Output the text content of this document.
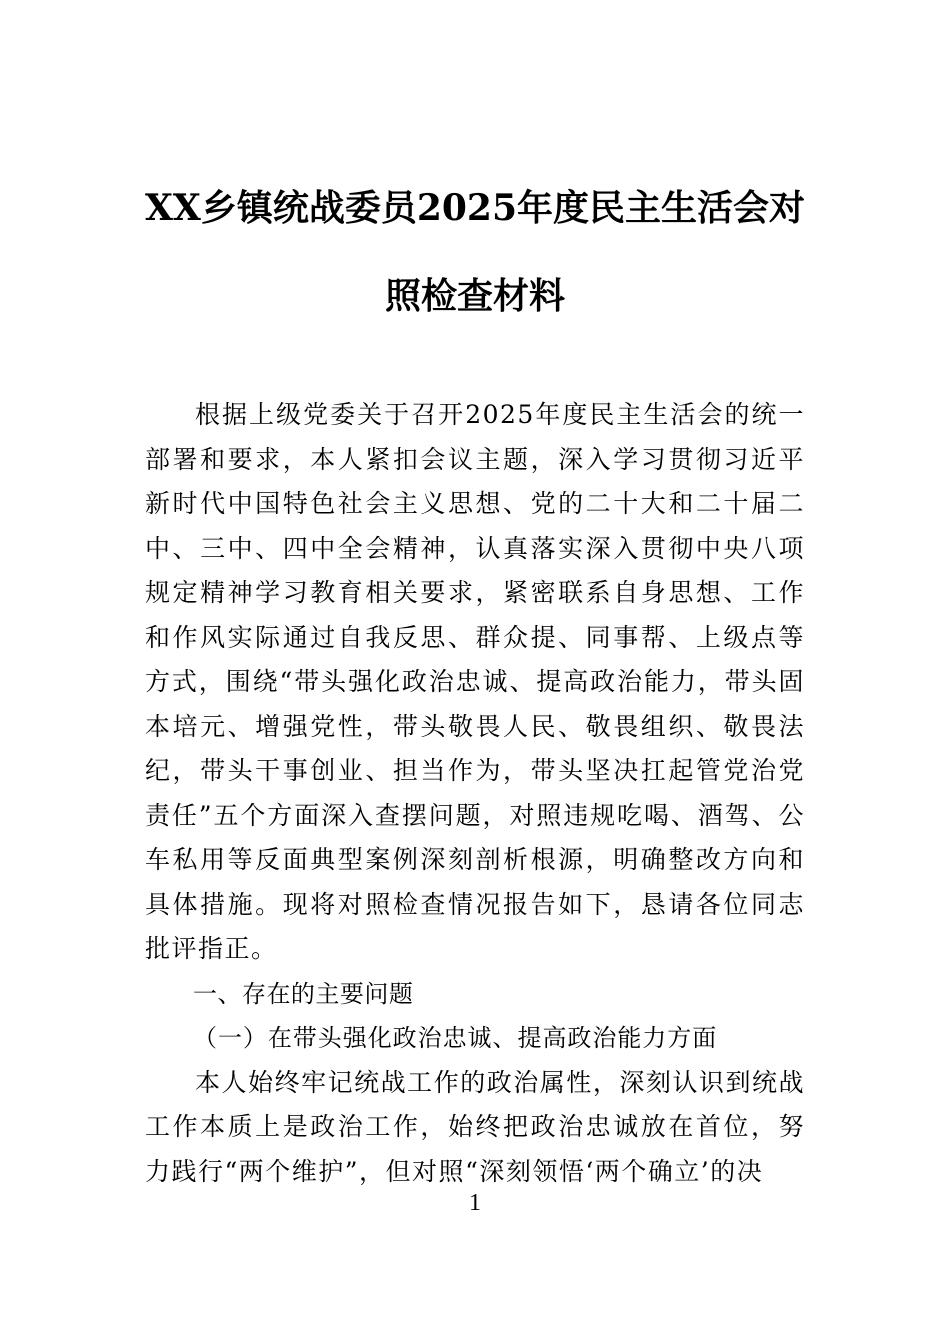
XX乡镇统战委员2025年度民主生活会对
照检查材料

根据上级党委关于召开2025年度民主生活会的统一部署和要求，本人紧扣会议主题，深入学习贯彻习近平新时代中国特色社会主义思想、党的二十大和二十届二中、三中、四中全会精神，认真落实深入贯彻中央八项规定精神学习教育相关要求，紧密联系自身思想、工作和作风实际通过自我反思、群众提、同事帮、上级点等方式，围绕“带头强化政治忠诚、提高政治能力，带头固本培元、增强党性，带头敬畏人民、敬畏组织、敬畏法纪，带头干事创业、担当作为，带头坚决扛起管党治党责任”五个方面深入查摆问题，对照违规吃喝、酒驾、公车私用等反面典型案例深刻剖析根源，明确整改方向和具体措施。现将对照检查情况报告如下，恳请各位同志批评指正。

一、存在的主要问题

（一）在带头强化政治忠诚、提高政治能力方面

本人始终牢记统战工作的政治属性，深刻认识到统战工作本质上是政治工作，始终把政治忠诚放在首位，努力践行“两个维护”，但对照“深刻领悟‘两个确立’的决

1
